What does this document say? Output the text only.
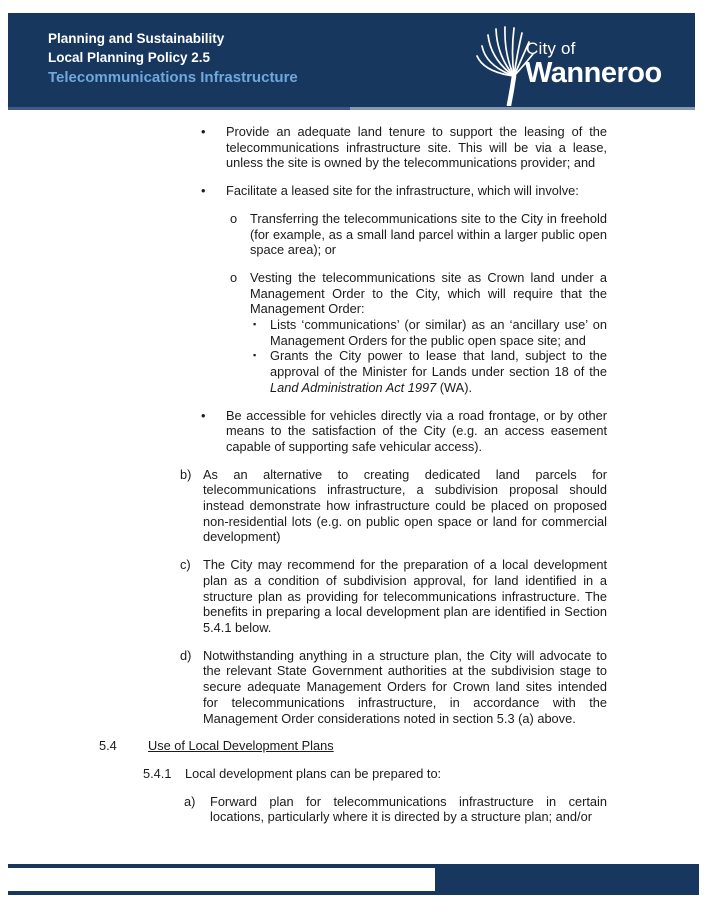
Planning and Sustainability
Local Planning Policy 2.5
Telecommunications Infrastructure
City of
Wanneroo
•	Provide an adequate land tenure to support the leasing of the telecommunications infrastructure site. This will be via a lease, unless the site is owned by the telecommunications provider; and
•	Facilitate a leased site for the infrastructure, which will involve:
o	Transferring the telecommunications site to the City in freehold (for example, as a small land parcel within a larger public open space area); or
o	Vesting the telecommunications site as Crown land under a Management Order to the City, which will require that the Management Order:
▪	Lists ‘communications’ (or similar) as an ‘ancillary use’ on Management Orders for the public open space site; and
▪	Grants the City power to lease that land, subject to the approval of the Minister for Lands under section 18 of the Land Administration Act 1997 (WA).
•	Be accessible for vehicles directly via a road frontage, or by other means to the satisfaction of the City (e.g. an access easement capable of supporting safe vehicular access).
b) As an alternative to creating dedicated land parcels for telecommunications infrastructure, a subdivision proposal should instead demonstrate how infrastructure could be placed on proposed non-residential lots (e.g. on public open space or land for commercial development)
c) The City may recommend for the preparation of a local development plan as a condition of subdivision approval, for land identified in a structure plan as providing for telecommunications infrastructure. The benefits in preparing a local development plan are identified in Section 5.4.1 below.
d) Notwithstanding anything in a structure plan, the City will advocate to the relevant State Government authorities at the subdivision stage to secure adequate Management Orders for Crown land sites intended for telecommunications infrastructure, in accordance with the Management Order considerations noted in section 5.3 (a) above.
5.4	Use of Local Development Plans
5.4.1	Local development plans can be prepared to:
a)	Forward plan for telecommunications infrastructure in certain locations, particularly where it is directed by a structure plan; and/or
